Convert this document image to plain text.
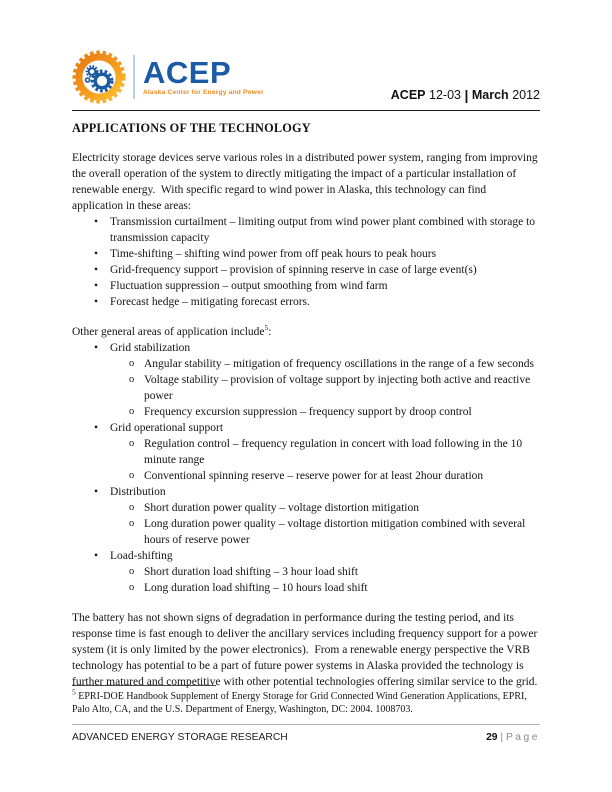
ACEP
Alaska Center for Energy and Power	ACEP 12-03 | March 2012
APPLICATIONS OF THE TECHNOLOGY
Electricity storage devices serve various roles in a distributed power system, ranging from improving the overall operation of the system to directly mitigating the impact of a particular installation of renewable energy.  With specific regard to wind power in Alaska, this technology can find application in these areas:
• Transmission curtailment – limiting output from wind power plant combined with storage to transmission capacity
• Time-shifting – shifting wind power from off peak hours to peak hours
• Grid-frequency support – provision of spinning reserve in case of large event(s)
• Fluctuation suppression – output smoothing from wind farm
• Forecast hedge – mitigating forecast errors.
Other general areas of application include$^5$:
• Grid stabilization
o Angular stability – mitigation of frequency oscillations in the range of a few seconds
o Voltage stability – provision of voltage support by injecting both active and reactive power
o Frequency excursion suppression – frequency support by droop control
• Grid operational support
o Regulation control – frequency regulation in concert with load following in the 10 minute range
o Conventional spinning reserve – reserve power for at least 2hour duration
• Distribution
o Short duration power quality – voltage distortion mitigation
o Long duration power quality – voltage distortion mitigation combined with several hours of reserve power
• Load-shifting
o Short duration load shifting – 3 hour load shift
o Long duration load shifting – 10 hours load shift
The battery has not shown signs of degradation in performance during the testing period, and its response time is fast enough to deliver the ancillary services including frequency support for a power system (it is only limited by the power electronics).  From a renewable energy perspective the VRB technology has potential to be a part of future power systems in Alaska provided the technology is further matured and competitive with other potential technologies offering similar service to the grid.
$^5$ EPRI-DOE Handbook Supplement of Energy Storage for Grid Connected Wind Generation Applications, EPRI, Palo Alto, CA, and the U.S. Department of Energy, Washington, DC: 2004. 1008703.
ADVANCED ENERGY STORAGE RESEARCH	29 | Page
